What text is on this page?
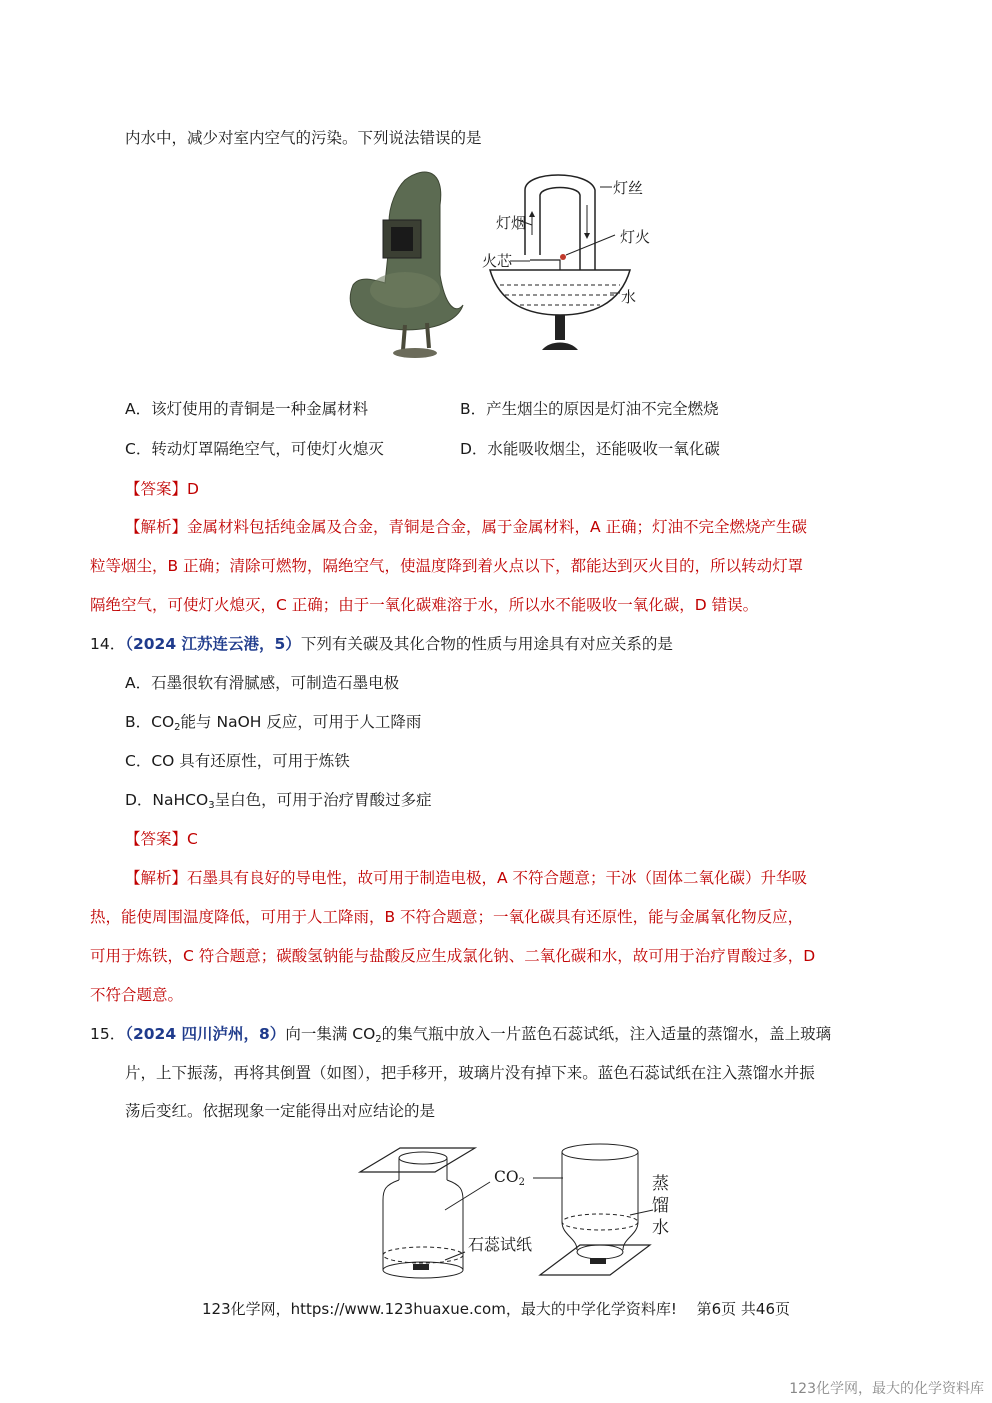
内水中，减少对室内空气的污染。下列说法错误的是
灯丝
灯烟
灯火
火芯
水
A．该灯使用的青铜是一种金属材料	B．产生烟尘的原因是灯油不完全燃烧
C．转动灯罩隔绝空气，可使灯火熄灭	D．水能吸收烟尘，还能吸收一氧化碳
【答案】D
【解析】金属材料包括纯金属及合金，青铜是合金，属于金属材料，A 正确；灯油不完全燃烧产生碳
粒等烟尘，B 正确；清除可燃物，隔绝空气，使温度降到着火点以下，都能达到灭火目的，所以转动灯罩
隔绝空气，可使灯火熄灭，C 正确；由于一氧化碳难溶于水，所以水不能吸收一氧化碳，D 错误。
14．（2024 江苏连云港，5）下列有关碳及其化合物的性质与用途具有对应关系的是
A．石墨很软有滑腻感，可制造石墨电极
B．$CO_2$能与 NaOH 反应，可用于人工降雨
C．CO 具有还原性，可用于炼铁
D．NaHCO$_3$呈白色，可用于治疗胃酸过多症
【答案】C
【解析】石墨具有良好的导电性，故可用于制造电极，A 不符合题意；干冰（固体二氧化碳）升华吸
热，能使周围温度降低，可用于人工降雨，B 不符合题意；一氧化碳具有还原性，能与金属氧化物反应，
可用于炼铁，C 符合题意；碳酸氢钠能与盐酸反应生成氯化钠、二氧化碳和水，故可用于治疗胃酸过多，D
不符合题意。
15．（2024 四川泸州，8）向一集满 $CO_2$的集气瓶中放入一片蓝色石蕊试纸，注入适量的蒸馏水，盖上玻璃
片，上下振荡，再将其倒置（如图），把手移开，玻璃片没有掉下来。蓝色石蕊试纸在注入蒸馏水并振
荡后变红。依据现象一定能得出对应结论的是
$CO_2$
石蕊试纸
蒸
馏
水
123化学网，https://www.123huaxue.com，最大的中学化学资料库!　 第6页 共46页
123化学网，最大的化学资料库
